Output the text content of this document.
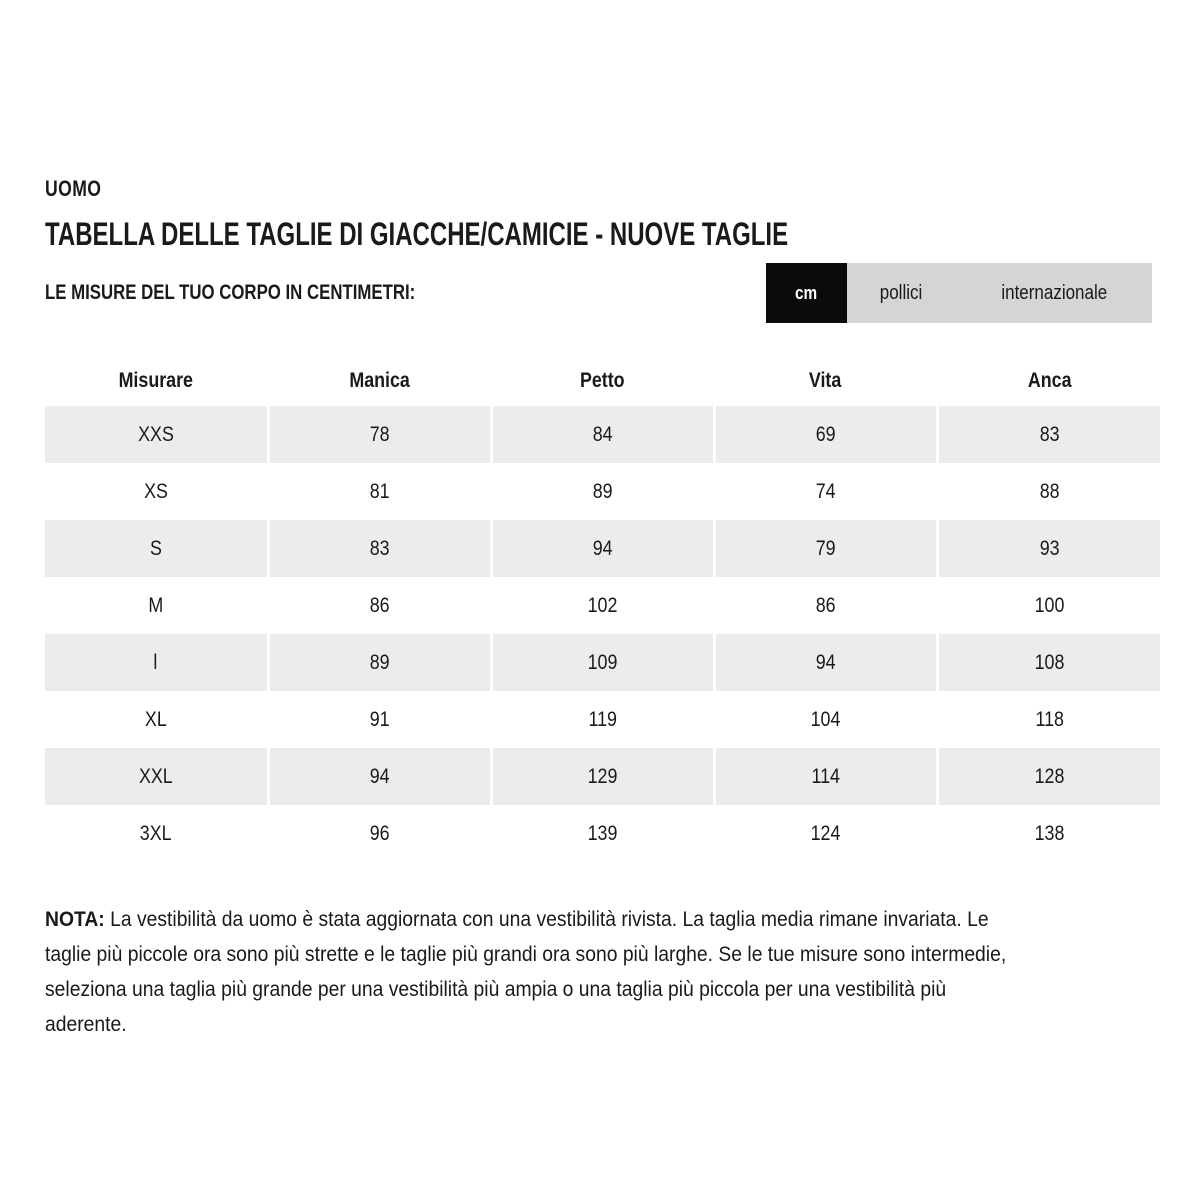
UOMO
TABELLA DELLE TAGLIE DI GIACCHE/CAMICIE - NUOVE TAGLIE
LE MISURE DEL TUO CORPO IN CENTIMETRI:	cm	pollici	internazionale
Misurare	Manica	Petto	Vita	Anca
XXS	78	84	69	83
XS	81	89	74	88
S	83	94	79	93
M	86	102	86	100
l	89	109	94	108
XL	91	119	104	118
XXL	94	129	114	128
3XL	96	139	124	138
NOTA: La vestibilità da uomo è stata aggiornata con una vestibilità rivista. La taglia media rimane invariata. Le taglie più piccole ora sono più strette e le taglie più grandi ora sono più larghe. Se le tue misure sono intermedie, seleziona una taglia più grande per una vestibilità più ampia o una taglia più piccola per una vestibilità più aderente.
